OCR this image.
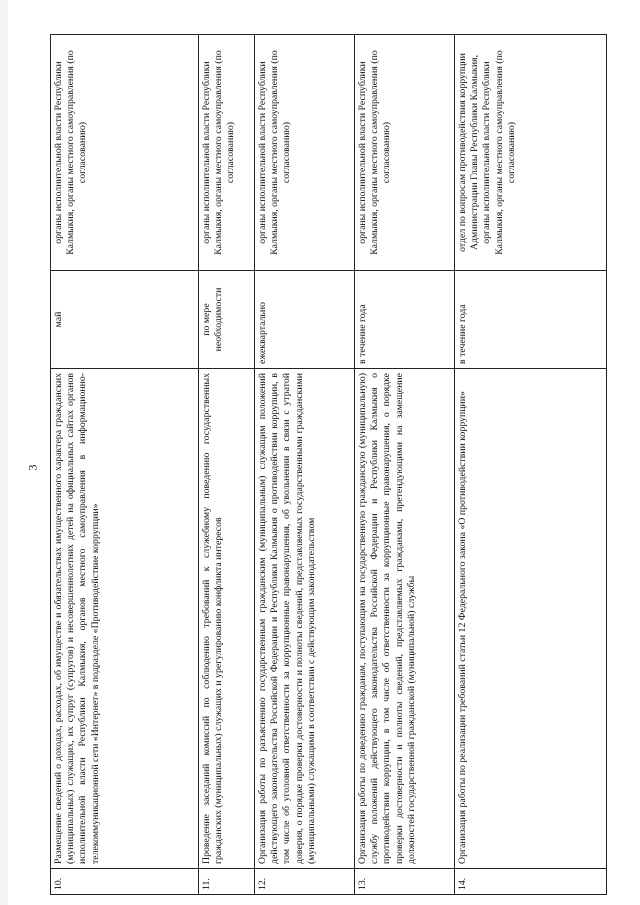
3
10.	Размещение сведений о доходах, расходах, об имуществе и обязательствах имущественного характера гражданских (муниципальных) служащих, их супруг (супругов) и несовершеннолетних детей на официальных сайтах органов исполнительной власти Республики Калмыкия, органов местного самоуправления в информационно-телекоммуникационной сети «Интернет» в подразделе «Противодействие коррупции»	май	органы исполнительной власти Республики Калмыкия, органы местного самоуправления (по согласованию)
11.	Проведение заседаний комиссий по соблюдению требований к служебному поведению государственных гражданских (муниципальных) служащих и урегулированию конфликта интересов	по мере необходимости	органы исполнительной власти Республики Калмыкия, органы местного самоуправления (по согласованию)
12.	Организация работы по разъяснению государственным гражданским (муниципальным) служащим положений действующего законодательства Российской Федерации и Республики Калмыкия о противодействии коррупции, в том числе об уголовной ответственности за коррупционные правонарушения, об увольнении в связи с утратой доверия, о порядке проверки достоверности и полноты сведений, представляемых государственными гражданскими (муниципальными) служащими в соответствии с действующим законодательством	ежеквартально	органы исполнительной власти Республики Калмыкия, органы местного самоуправления (по согласованию)
13.	Организация работы по доведению гражданам, поступающим на государственную гражданскую (муниципальную) службу положений действующего законодательства Российской Федерации и Республики Калмыкия о противодействии коррупции, в том числе об ответственности за коррупционные правонарушения, о порядке проверки достоверности и полноты сведений, представляемых гражданами, претендующими на замещение должностей государственной гражданской (муниципальной) службы	в течение года	органы исполнительной власти Республики Калмыкия, органы местного самоуправления (по согласованию)
14.	Организация работы по реализации требований статьи 12 Федерального закона «О противодействии коррупции»	в течение года	отдел по вопросам противодействия коррупции Администрации Главы Республики Калмыкия, органы исполнительной власти Республики Калмыкия, органы местного самоуправления (по согласованию)
